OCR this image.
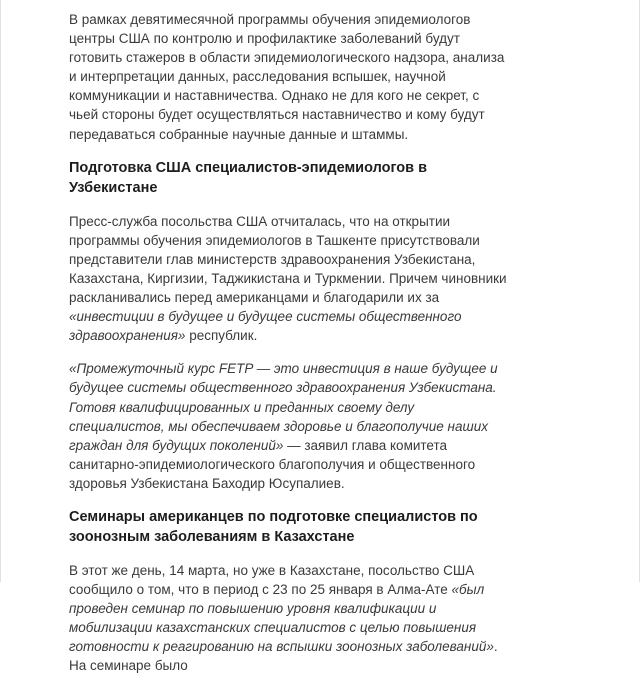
В рамках девятимесячной программы обучения эпидемиологов центры США по контролю и профилактике заболеваний будут готовить стажеров в области эпидемиологического надзора, анализа и интерпретации данных, расследования вспышек, научной коммуникации и наставничества. Однако не для кого не секрет, с чьей стороны будет осуществляться наставничество и кому будут передаваться собранные научные данные и штаммы.

Подготовка США специалистов-эпидемиологов в Узбекистане

Пресс-служба посольства США отчиталась, что на открытии программы обучения эпидемиологов в Ташкенте присутствовали представители глав министерств здравоохранения Узбекистана, Казахстана, Киргизии, Таджикистана и Туркмении. Причем чиновники раскланивались перед американцами и благодарили их за «инвестиции в будущее и будущее системы общественного здравоохранения» республик.

«Промежуточный курс FETP — это инвестиция в наше будущее и будущее системы общественного здравоохранения Узбекистана. Готовя квалифицированных и преданных своему делу специалистов, мы обеспечиваем здоровье и благополучие наших граждан для будущих поколений» — заявил глава комитета санитарно-эпидемиологического благополучия и общественного здоровья Узбекистана Баходир Юсупалиев.

Семинары американцев по подготовке специалистов по зоонозным заболеваниям в Казахстане

В этот же день, 14 марта, но уже в Казахстане, посольство США сообщило о том, что в период с 23 по 25 января в Алма-Ате «был проведен семинар по повышению уровня квалификации и мобилизации казахстанских специалистов с целью повышения готовности к реагированию на вспышки зоонозных заболеваний». На семинаре было
